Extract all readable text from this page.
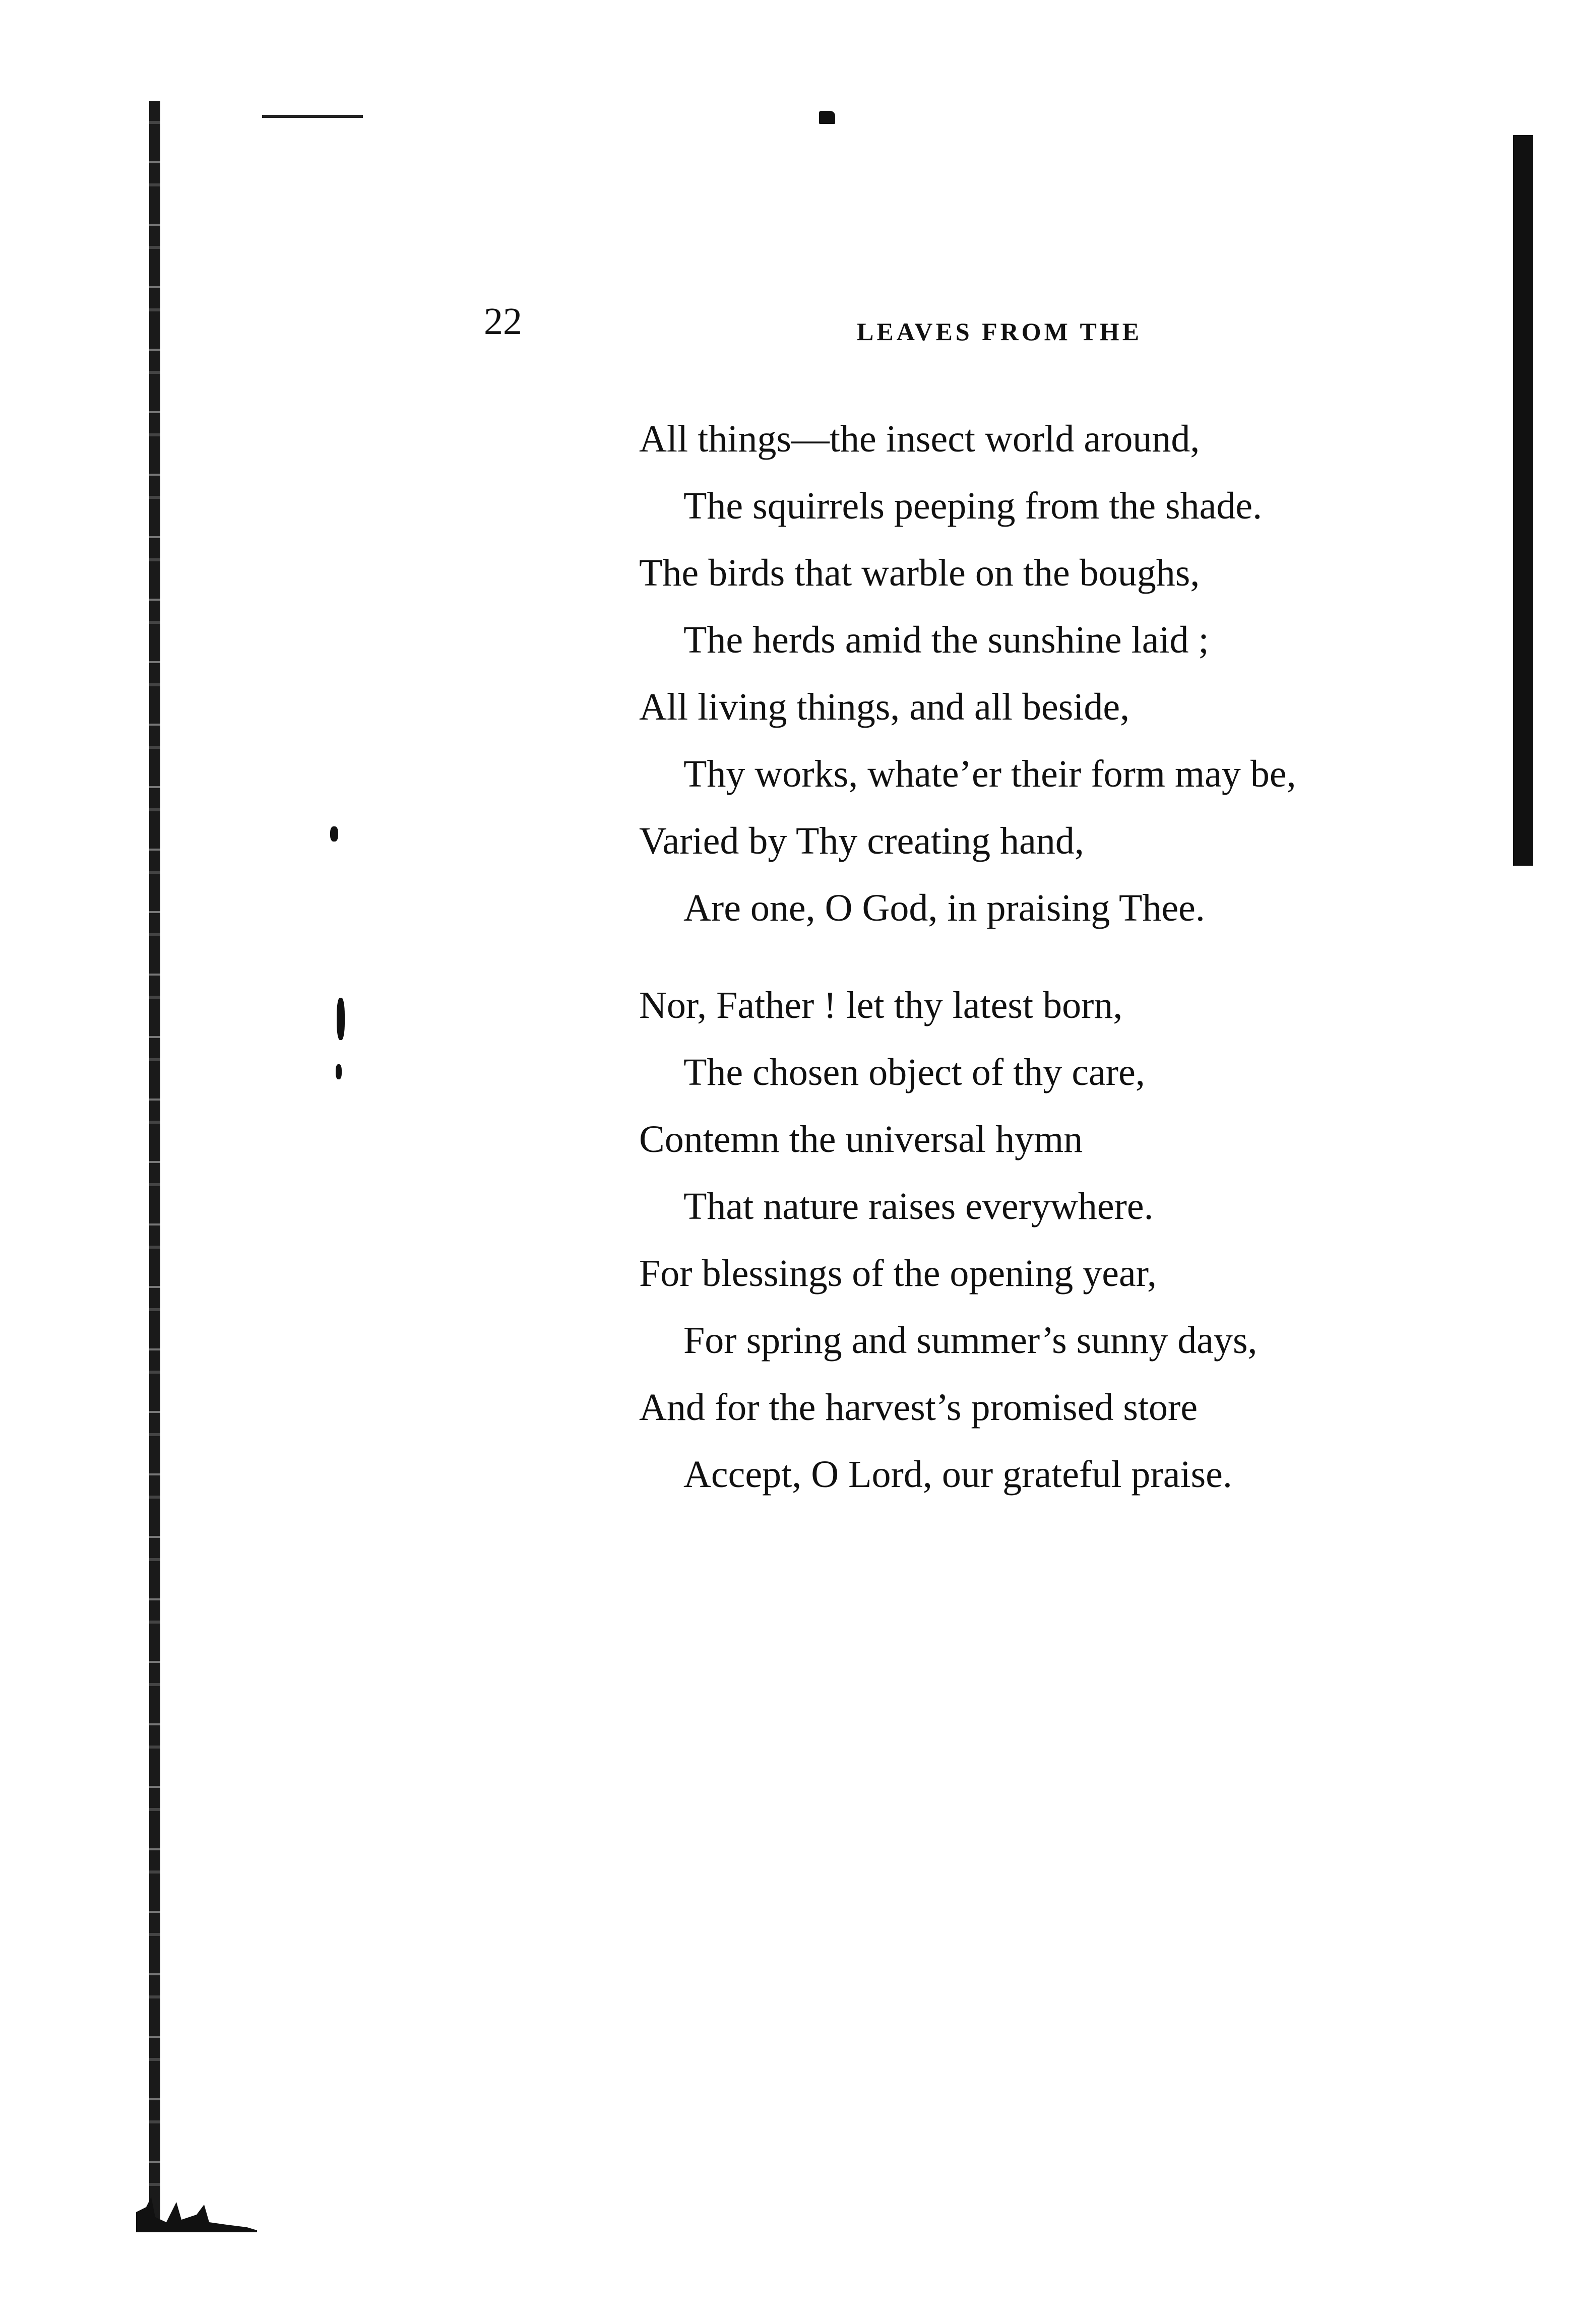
22	LEAVES FROM THE
All things—the insect world around,
The squirrels peeping from the shade.
The birds that warble on the boughs,
The herds amid the sunshine laid ;
All living things, and all beside,
Thy works, whate’er their form may be,
Varied by Thy creating hand,
Are one, O God, in praising Thee.
Nor, Father ! let thy latest born,
The chosen object of thy care,
Contemn the universal hymn
That nature raises everywhere.
For blessings of the opening year,
For spring and summer’s sunny days,
And for the harvest’s promised store
Accept, O Lord, our grateful praise.
